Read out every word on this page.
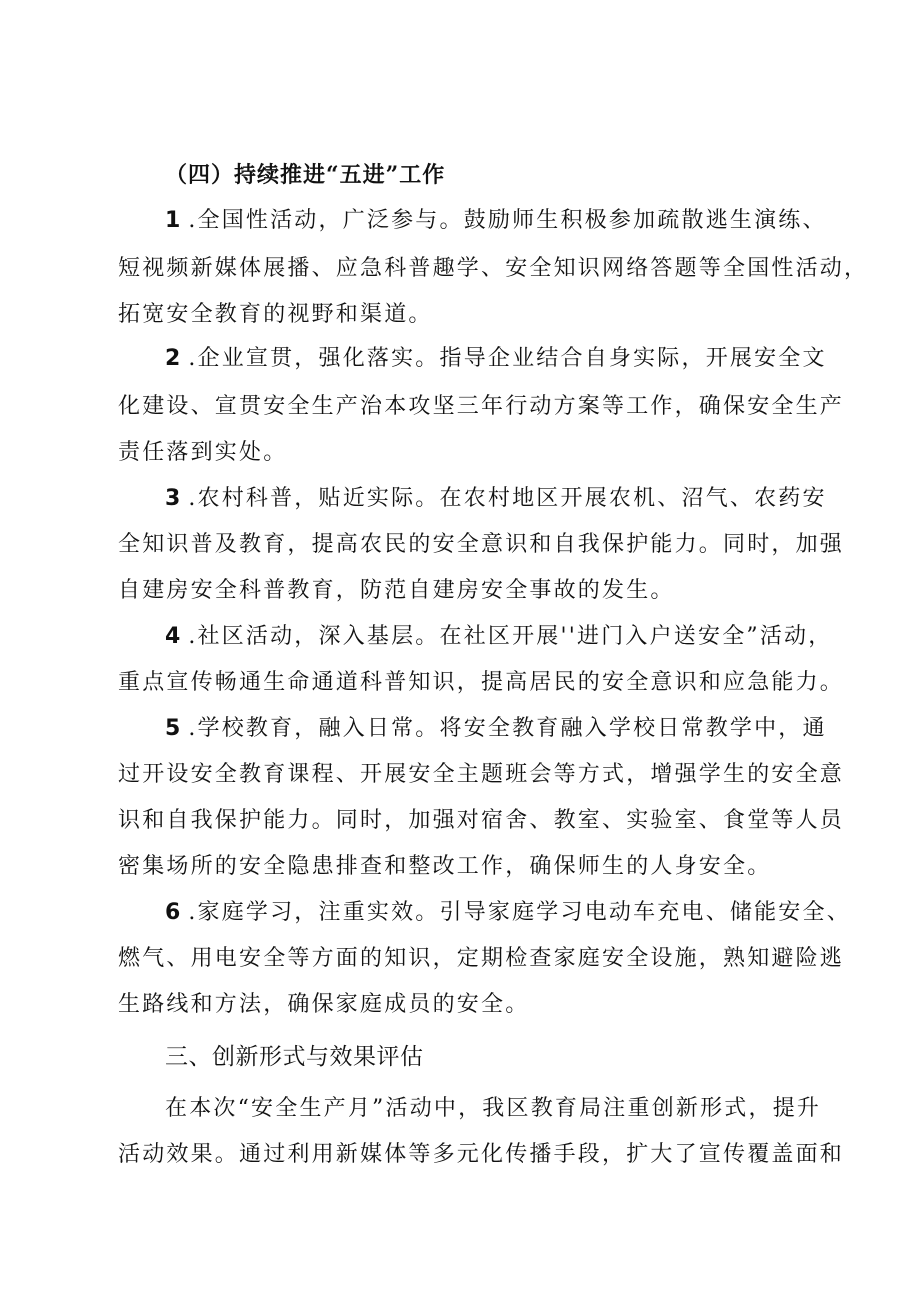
（四）持续推进“五进”工作
1 .全国性活动，广泛参与。鼓励师生积极参加疏散逃生演练、
短视频新媒体展播、应急科普趣学、安全知识网络答题等全国性活动，
拓宽安全教育的视野和渠道。
2 .企业宣贯，强化落实。指导企业结合自身实际，开展安全文
化建设、宣贯安全生产治本攻坚三年行动方案等工作，确保安全生产
责任落到实处。
3 .农村科普，贴近实际。在农村地区开展农机、沼气、农药安
全知识普及教育，提高农民的安全意识和自我保护能力。同时，加强
自建房安全科普教育，防范自建房安全事故的发生。
4 .社区活动，深入基层。在社区开展''进门入户送安全”活动，
重点宣传畅通生命通道科普知识，提高居民的安全意识和应急能力。
5 .学校教育，融入日常。将安全教育融入学校日常教学中，通
过开设安全教育课程、开展安全主题班会等方式，增强学生的安全意
识和自我保护能力。同时，加强对宿舍、教室、实验室、食堂等人员
密集场所的安全隐患排查和整改工作，确保师生的人身安全。
6 .家庭学习，注重实效。引导家庭学习电动车充电、储能安全、
燃气、用电安全等方面的知识，定期检查家庭安全设施，熟知避险逃
生路线和方法，确保家庭成员的安全。
三、创新形式与效果评估
在本次“安全生产月”活动中，我区教育局注重创新形式，提升
活动效果。通过利用新媒体等多元化传播手段，扩大了宣传覆盖面和
